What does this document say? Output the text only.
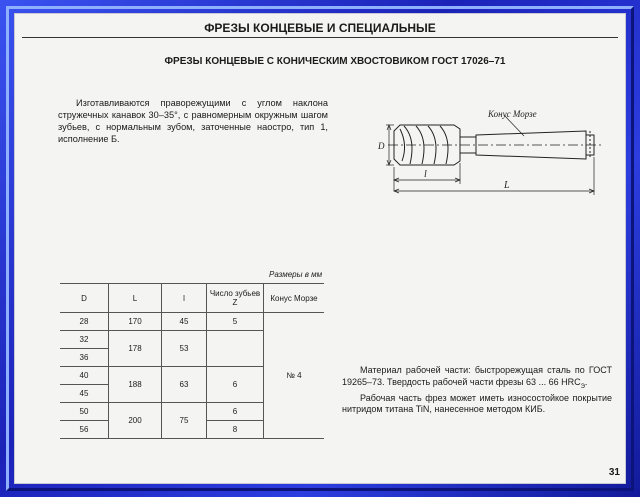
ФРЕЗЫ КОНЦЕВЫЕ И СПЕЦИАЛЬНЫЕ
ФРЕЗЫ КОНЦЕВЫЕ С КОНИЧЕСКИМ ХВОСТОВИКОМ ГОСТ 17026–71
Изготавливаются праворежущими с углом наклона стружечных канавок 30–35°, с равномерным окружным шагом зубьев, с нормальным зубом, заточенные наостро, тип 1, исполнение Б.
Конус Морзе
D
l
L
Размеры в мм
D	L	l	Число зубьев Z	Конус Морзе
28	170	45	5	№ 4
32	178	53		
36				
40	188	63	6	
45				
50	200	75	6	
56			8	

Материал рабочей части: быстрорежущая сталь по ГОСТ 19265–73. Твердость рабочей части фрезы 63 ... 66 $HRC_Э$.

Рабочая часть фрез может иметь износостойкое покрытие нитридом титана TiN, нанесенное методом КИБ.

31
